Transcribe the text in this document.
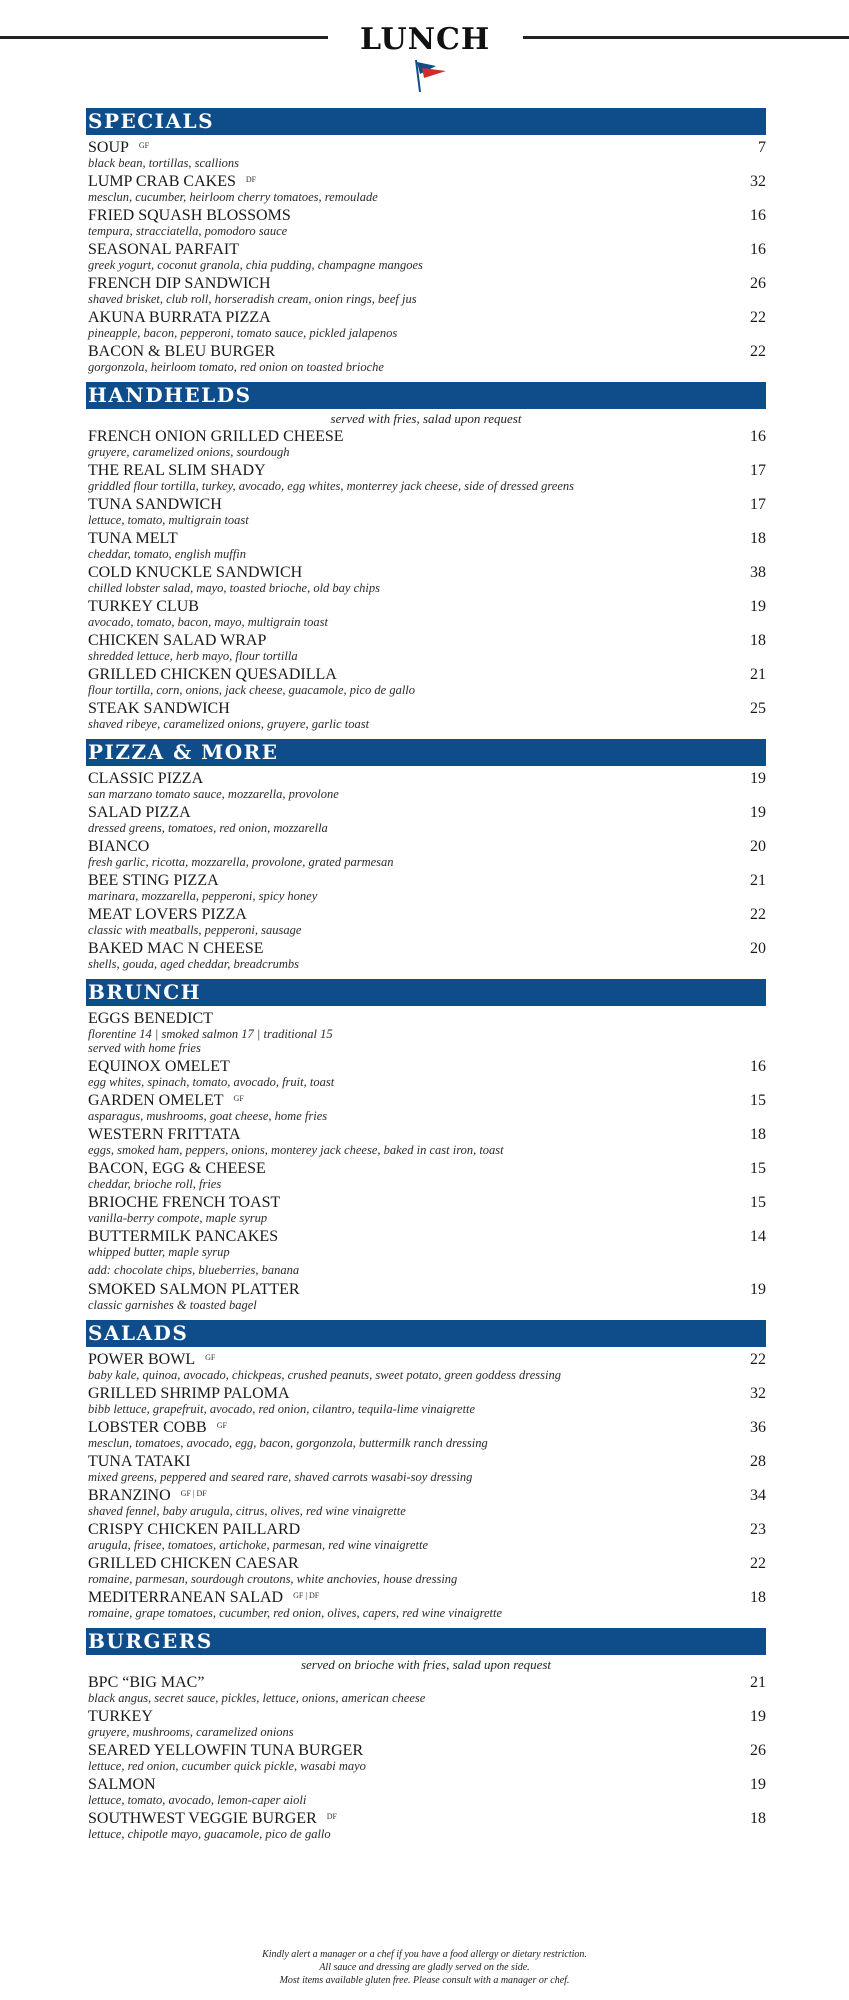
LUNCH
SPECIALS
SOUP GF	7
black bean, tortillas, scallions
LUMP CRAB CAKES DF	32
mesclun, cucumber, heirloom cherry tomatoes, remoulade
FRIED SQUASH BLOSSOMS	16
tempura, stracciatella, pomodoro sauce
SEASONAL PARFAIT	16
greek yogurt, coconut granola, chia pudding, champagne mangoes
FRENCH DIP SANDWICH	26
shaved brisket, club roll, horseradish cream, onion rings, beef jus
AKUNA BURRATA PIZZA	22
pineapple, bacon, pepperoni, tomato sauce, pickled jalapenos
BACON & BLEU BURGER	22
gorgonzola, heirloom tomato, red onion on toasted brioche
HANDHELDS
served with fries, salad upon request
FRENCH ONION GRILLED CHEESE	16
gruyere, caramelized onions, sourdough
THE REAL SLIM SHADY	17
griddled flour tortilla, turkey, avocado, egg whites, monterrey jack cheese, side of dressed greens
TUNA SANDWICH	17
lettuce, tomato, multigrain toast
TUNA MELT	18
cheddar, tomato, english muffin
COLD KNUCKLE SANDWICH	38
chilled lobster salad, mayo, toasted brioche, old bay chips
TURKEY CLUB	19
avocado, tomato, bacon, mayo, multigrain toast
CHICKEN SALAD WRAP	18
shredded lettuce, herb mayo, flour tortilla
GRILLED CHICKEN QUESADILLA	21
flour tortilla, corn, onions, jack cheese, guacamole, pico de gallo
STEAK SANDWICH	25
shaved ribeye, caramelized onions, gruyere, garlic toast
PIZZA & MORE
CLASSIC PIZZA	19
san marzano tomato sauce, mozzarella, provolone
SALAD PIZZA	19
dressed greens, tomatoes, red onion, mozzarella
BIANCO	20
fresh garlic, ricotta, mozzarella, provolone, grated parmesan
BEE STING PIZZA	21
marinara, mozzarella, pepperoni, spicy honey
MEAT LOVERS PIZZA	22
classic with meatballs, pepperoni, sausage
BAKED MAC N CHEESE	20
shells, gouda, aged cheddar, breadcrumbs
BRUNCH
EGGS BENEDICT
florentine 14 | smoked salmon 17 | traditional 15
served with home fries
EQUINOX OMELET	16
egg whites, spinach, tomato, avocado, fruit, toast
GARDEN OMELET GF	15
asparagus, mushrooms, goat cheese, home fries
WESTERN FRITTATA	18
eggs, smoked ham, peppers, onions, monterey jack cheese, baked in cast iron, toast
BACON, EGG & CHEESE	15
cheddar, brioche roll, fries
BRIOCHE FRENCH TOAST	15
vanilla-berry compote, maple syrup
BUTTERMILK PANCAKES	14
whipped butter, maple syrup
add: chocolate chips, blueberries, banana
SMOKED SALMON PLATTER	19
classic garnishes & toasted bagel
SALADS
POWER BOWL GF	22
baby kale, quinoa, avocado, chickpeas, crushed peanuts, sweet potato, green goddess dressing
GRILLED SHRIMP PALOMA	32
bibb lettuce, grapefruit, avocado, red onion, cilantro, tequila-lime vinaigrette
LOBSTER COBB GF	36
mesclun, tomatoes, avocado, egg, bacon, gorgonzola, buttermilk ranch dressing
TUNA TATAKI	28
mixed greens, peppered and seared rare, shaved carrots wasabi-soy dressing
BRANZINO GF | DF	34
shaved fennel, baby arugula, citrus, olives, red wine vinaigrette
CRISPY CHICKEN PAILLARD	23
arugula, frisee, tomatoes, artichoke, parmesan, red wine vinaigrette
GRILLED CHICKEN CAESAR	22
romaine, parmesan, sourdough croutons, white anchovies, house dressing
MEDITERRANEAN SALAD GF | DF	18
romaine, grape tomatoes, cucumber, red onion, olives, capers, red wine vinaigrette
BURGERS
served on brioche with fries, salad upon request
BPC “BIG MAC”	21
black angus, secret sauce, pickles, lettuce, onions, american cheese
TURKEY	19
gruyere, mushrooms, caramelized onions
SEARED YELLOWFIN TUNA BURGER	26
lettuce, red onion, cucumber quick pickle, wasabi mayo
SALMON	19
lettuce, tomato, avocado, lemon-caper aioli
SOUTHWEST VEGGIE BURGER DF	18
lettuce, chipotle mayo, guacamole, pico de gallo
Kindly alert a manager or a chef if you have a food allergy or dietary restriction.
All sauce and dressing are gladly served on the side.
Most items available gluten free. Please consult with a manager or chef.
